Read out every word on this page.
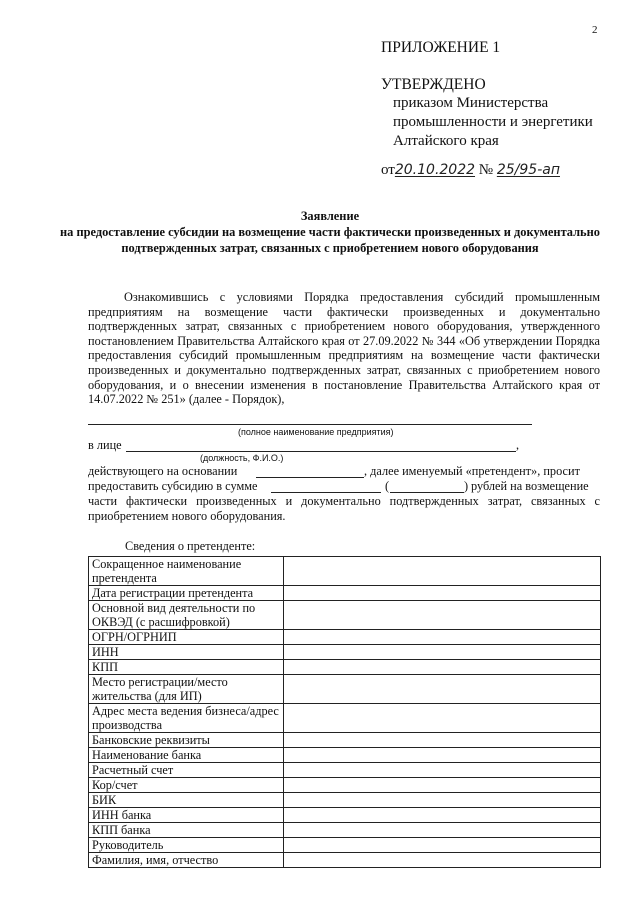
2
ПРИЛОЖЕНИЕ 1
УТВЕРЖДЕНО
приказом Министерства промышленности и энергетики Алтайского края
от20.10.2022 № 25/95-ап
Заявление
на предоставление субсидии на возмещение части фактически произведенных и документально подтвержденных затрат, связанных с приобретением нового оборудования
Ознакомившись с условиями Порядка предоставления субсидий промышленным предприятиям на возмещение части фактически произведенных и документально подтвержденных затрат, связанных с приобретением нового оборудования, утвержденного постановлением Правительства Алтайского края от 27.09.2022 № 344 «Об утверждении Порядка предоставления субсидий промышленным предприятиям на возмещение части фактически произведенных и документально подтвержденных затрат, связанных с приобретением нового оборудования, и о внесении изменения в постановление Правительства Алтайского края от 14.07.2022 № 251» (далее - Порядок),
(полное наименование предприятия)
в лице	,
(должность, Ф.И.О.)
действующего на основании	, далее именуемый «претендент», просит
предоставить субсидию в сумме	(	) рублей на возмещение
части фактически произведенных и документально подтвержденных затрат, связанных с приобретением нового оборудования.
Сведения о претенденте:
Сокращенное наименование претендента	
Дата регистрации претендента	
Основной вид деятельности по ОКВЭД (с расшифровкой)	
ОГРН/ОГРНИП	
ИНН	
КПП	
Место регистрации/место жительства (для ИП)	
Адрес места ведения бизнеса/адрес производства	
Банковские реквизиты	
Наименование банка	
Расчетный счет	
Кор/счет	
БИК	
ИНН банка	
КПП банка	
Руководитель	
Фамилия, имя, отчество	
